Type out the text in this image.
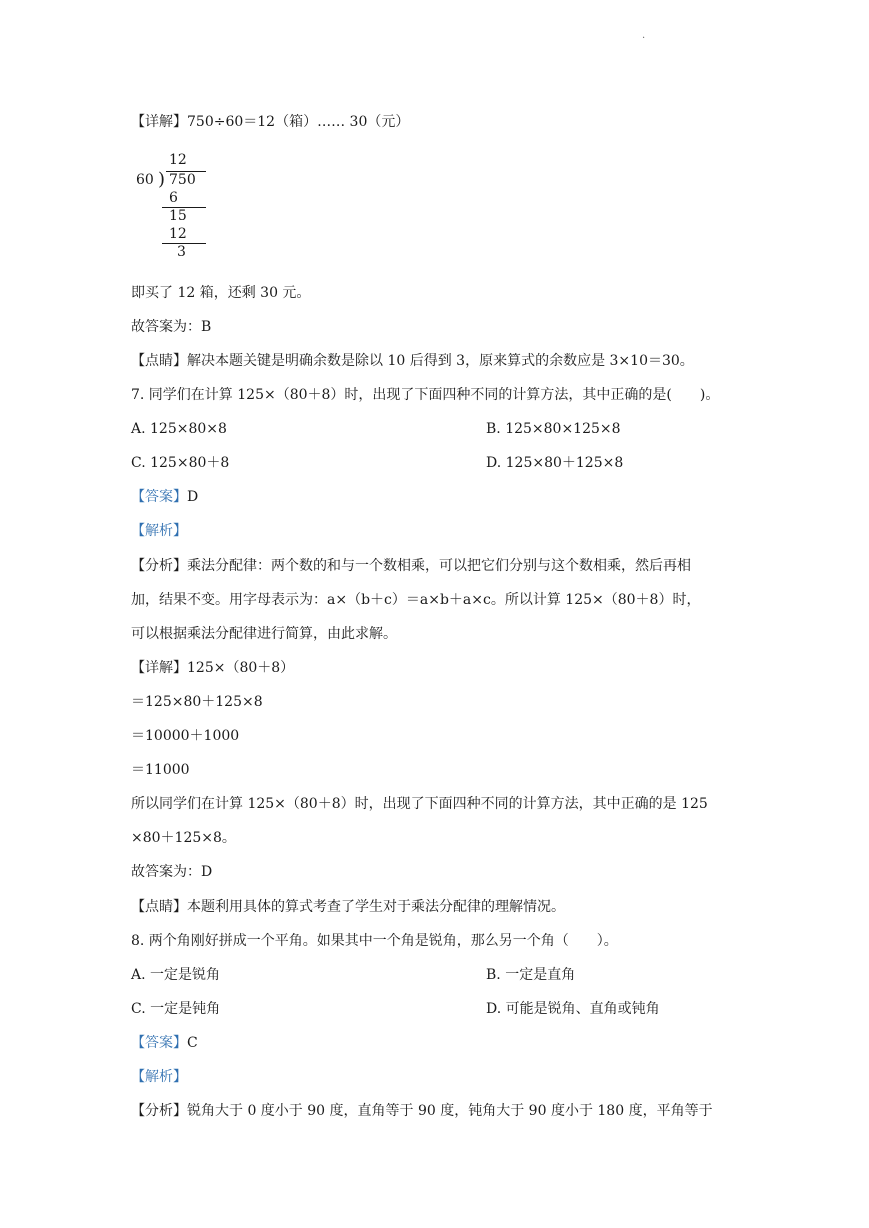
.
【详解】750÷60＝12（箱）…… 30（元）
12
60 ) 750
6
15
12
3
即买了 12 箱，还剩 30 元。
故答案为：B
【点睛】解决本题关键是明确余数是除以 10 后得到 3，原来算式的余数应是 3×10＝30。
7. 同学们在计算 125×（80＋8）时，出现了下面四种不同的计算方法，其中正确的是(　　)。
A. 125×80×8	B. 125×80×125×8
C. 125×80＋8	D. 125×80＋125×8
【答案】D
【解析】
【分析】乘法分配律：两个数的和与一个数相乘，可以把它们分别与这个数相乘，然后再相
加，结果不变。用字母表示为：a×（b＋c）＝a×b＋a×c。所以计算 125×（80＋8）时，
可以根据乘法分配律进行简算，由此求解。
【详解】125×（80＋8）
＝125×80＋125×8
＝10000＋1000
＝11000
所以同学们在计算 125×（80＋8）时，出现了下面四种不同的计算方法，其中正确的是 125
×80＋125×8。
故答案为：D
【点睛】本题利用具体的算式考查了学生对于乘法分配律的理解情况。
8. 两个角刚好拼成一个平角。如果其中一个角是锐角，那么另一个角（　　）。
A. 一定是锐角	B. 一定是直角
C. 一定是钝角	D. 可能是锐角、直角或钝角
【答案】C
【解析】
【分析】锐角大于 0 度小于 90 度，直角等于 90 度，钝角大于 90 度小于 180 度，平角等于
